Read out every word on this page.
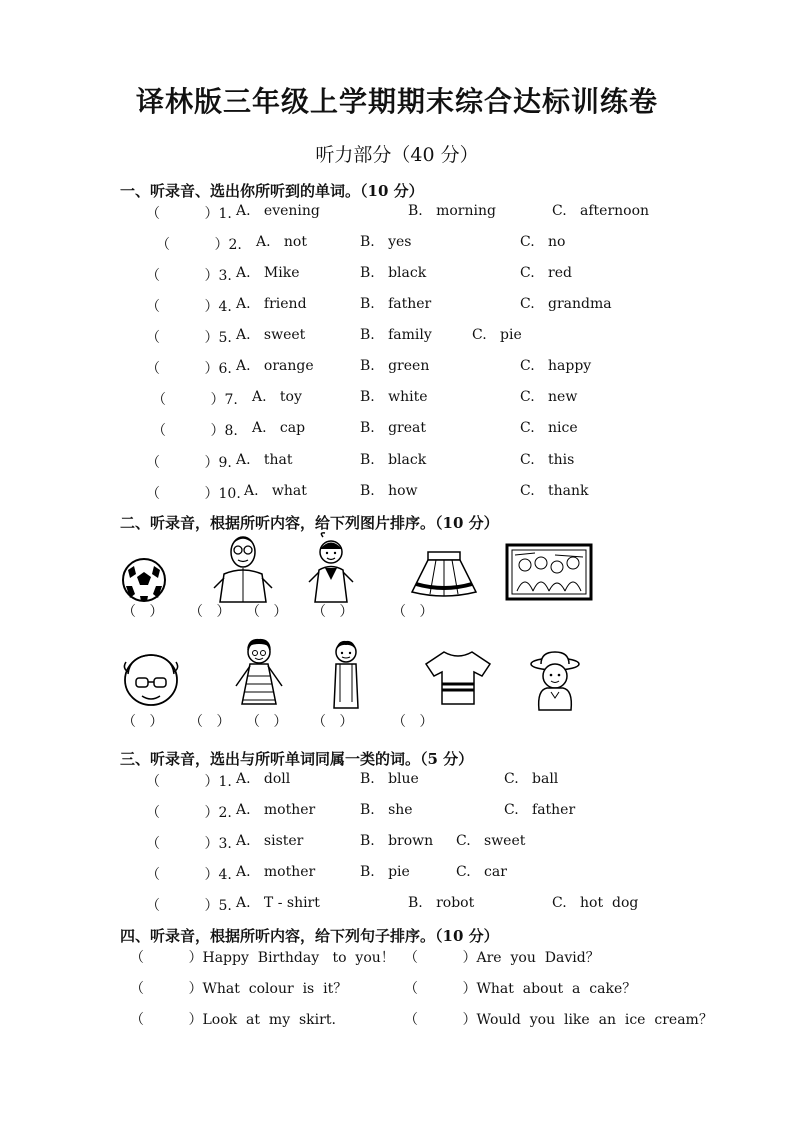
译林版三年级上学期期末综合达标训练卷
听力部分（40 分）
一、听录音、选出你所听到的单词。（10 分）
（          ）1. A.   evening	B.   morning	C.   afternoon
（          ）2. A.   not	B.   yes	C.   no
（          ）3. A.   Mike	B.   black	C.   red
（          ）4. A.   friend	B.   father	C.   grandma
（          ）5. A.   sweet	B.   family	C.   pie
（          ）6. A.   orange	B.   green	C.   happy
（          ）7. A.   toy	B.   white	C.   new
（          ）8. A.   cap	B.   great	C.   nice
（          ）9. A.   that	B.   black	C.   this
（          ）10. A.   what	B.   how	C.   thank
二、听录音，根据所听内容，给下列图片排序。（10 分）
（   ） （   ） （   ） （   ）	（   ）
（   ） （   ） （   ） （   ）	（   ）
三、听录音，选出与所听单词同属一类的词。（5 分）
（          ）1. A.   doll	B.   blue	C.   ball
（          ）2. A.   mother	B.   she	C.   father
（          ）3. A.   sister	B.   brown C.   sweet
（          ）4. A.   mother	B.   pie	C.   car
（          ）5. A.   T - shirt	B.   robot	C.   hot  dog
四、听录音，根据所听内容，给下列句子排序。（10 分）
（          ）Happy  Birthday   to  you！ （          ）Are  you  David？
（          ）What  colour  is  it？	（          ）What  about  a  cake？
（          ）Look  at  my  skirt.	（          ）Would  you  like  an  ice  cream？
